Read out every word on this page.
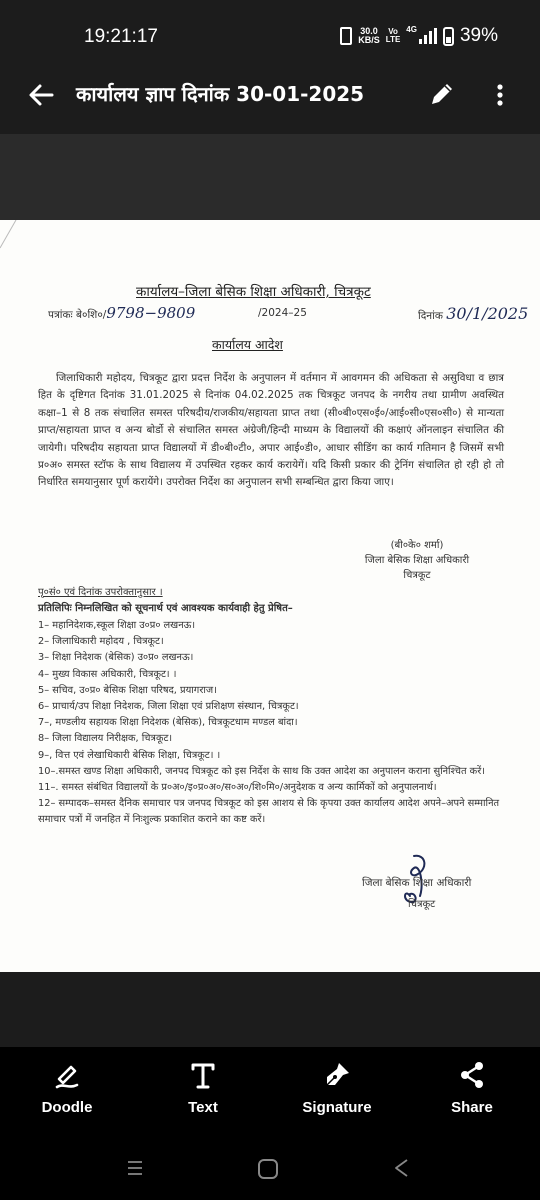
19:21:17	30.0
KB/S
Vo
LTE
4G 39%
कार्यालय ज्ञाप दिनांक 30-01-2025
कार्यालय–जिला बेसिक शिक्षा अधिकारी, चित्रकूट
पत्रांकः बे०शि०/9798−9809	/2024–25	दिनांक 30/1/2025
कार्यालय आदेश

जिलाधिकारी महोदय, चित्रकूट द्वारा प्रदत्त निर्देश के अनुपालन में वर्तमान में आवगमन की अधिकता से असुविधा व छात्र हित के दृष्टिगत दिनांक 31.01.2025 से दिनांक 04.02.2025 तक चित्रकूट जनपद के नगरीय तथा ग्रामीण अवस्थित कक्षा–1 से 8 तक संचालित समस्त परिषदीय/राजकीय/सहायता प्राप्त तथा (सी०बी०एस०ई०/आई०सी०एस०सी०) से मान्यता प्राप्त/सहायता प्राप्त व अन्य बोर्डो से संचालित समस्त अंग्रेजी/हिन्दी माध्यम के विद्यालयों की कक्षाएं ऑनलाइन संचालित की जायेगी। परिषदीय सहायता प्राप्त विद्यालयों में डी०बी०टी०, अपार आई०डी०, आधार सीडिंग का कार्य गतिमान है जिसमें सभी प्र०अ० समस्त स्टॉफ के साथ विद्यालय में उपस्थित रहकर कार्य करायेगें। यदि किसी प्रकार की ट्रेनिंग संचालित हो रही हो तो निर्धारित समयानुसार पूर्ण करायेंगे। उपरोक्त निर्देश का अनुपालन सभी सम्बन्धित द्वारा किया जाए।

(बी०के० शर्मा)
जिला बेसिक शिक्षा अधिकारी
चित्रकूट
पृ०सं० एवं दिनांक उपरोक्तानुसार ।
प्रतिलिपिः निम्नलिखित को सूचनार्थ एवं आवश्यक कार्यवाही हेतु प्रेषित–
1– महानिदेशक,स्कूल शिक्षा उ०प्र० लखनऊ।
2– जिलाधिकारी महोदय , चित्रकूट।
3– शिक्षा निदेशक (बेसिक) उ०प्र० लखनऊ।
4– मुख्य विकास अधिकारी, चित्रकूट। ।
5– सचिव, उ०प्र० बेसिक शिक्षा परिषद, प्रयागराज।
6– प्राचार्य/उप शिक्षा निदेशक, जिला शिक्षा एवं प्रशिक्षण संस्थान, चित्रकूट।
7–, मण्डलीय सहायक शिक्षा निदेशक (बेसिक), चित्रकूटधाम मण्डल बांदा।
8– जिला विद्यालय निरीक्षक, चित्रकूट।
9–, वित्त एवं लेखाधिकारी बेसिक शिक्षा, चित्रकूट। ।
10–.समस्त खण्ड शिक्षा अधिकारी, जनपद चित्रकूट को इस निर्देश के साथ कि उक्त आदेश का अनुपालन कराना सुनिश्चित करें।
11–. समस्त संबंधित विद्यालयों के प्र०अ०/इ०प्र०अ०/स०अ०/शि०मि०/अनुदेशक व अन्य कार्मिकों को अनुपालनार्थ।
12– सम्पादक–समस्त दैनिक समाचार पत्र जनपद चित्रकूट को इस आशय से कि कृपया उक्त कार्यालय आदेश अपने–अपने सम्मानित समाचार पत्रों में जनहित में निःशुल्क प्रकाशित कराने का कष्ट करें।
जिला बेसिक शिक्षा अधिकारी
चित्रकूट
Doodle	Text	Signature	Share
